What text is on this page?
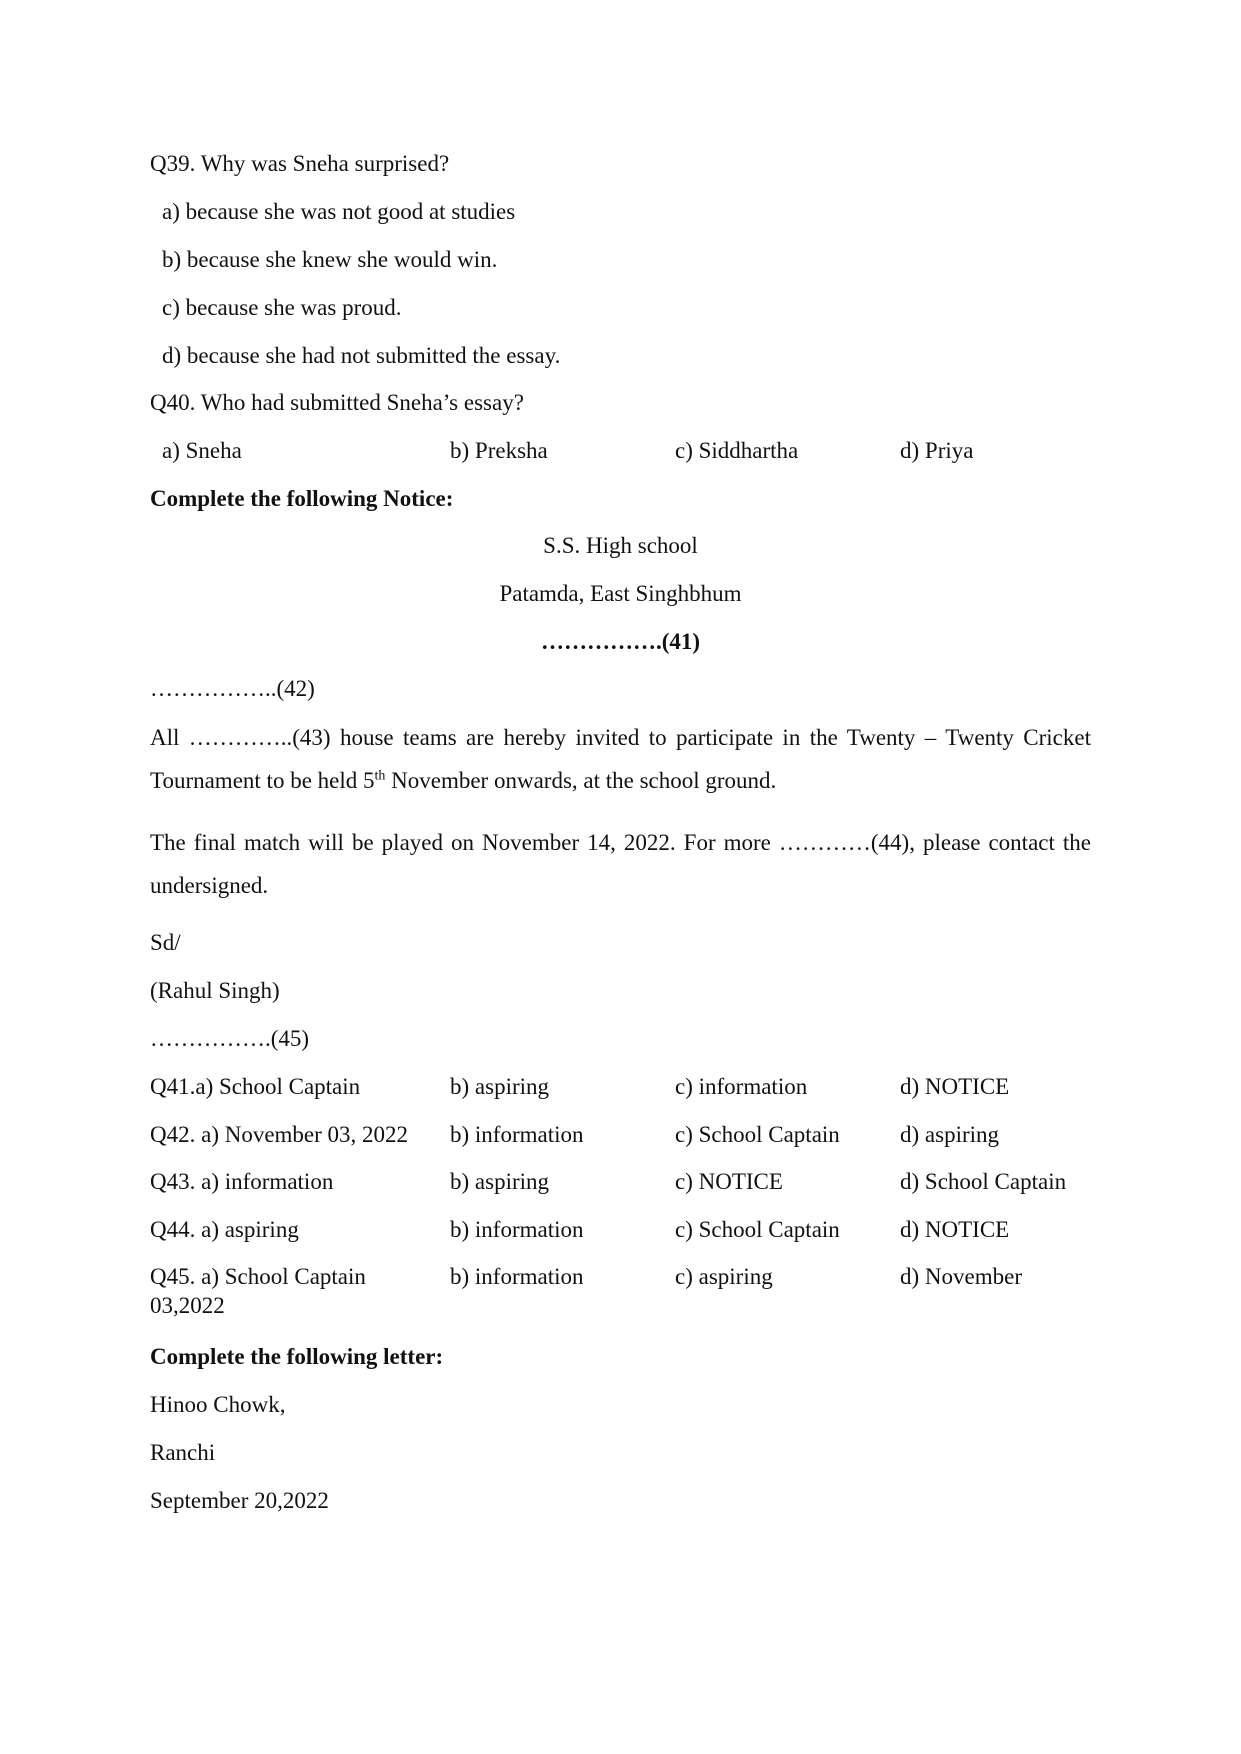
Q39. Why was Sneha surprised?
a) because she was not good at studies
b) because she knew she would win.
c) because she was proud.
d) because she had not submitted the essay.
Q40. Who had submitted Sneha’s essay?
a) Sneha	b) Preksha	c) Siddhartha	d) Priya
Complete the following Notice:
S.S. High school
Patamda, East Singhbhum
…………….(41)
……………..(42)
All …………..(43) house teams are hereby invited to participate in the Twenty – Twenty Cricket Tournament to be held 5th November onwards, at the school ground.
The final match will be played on November 14, 2022. For more …………(44), please contact the undersigned.
Sd/
(Rahul Singh)
…………….(45)
Q41.a) School Captain	b) aspiring	c) information	d) NOTICE
Q42. a) November 03, 2022 b) information	c) School Captain	d) aspiring
Q43. a) information	b) aspiring	c) NOTICE	d) School Captain
Q44. a) aspiring	b) information	c) School Captain	d) NOTICE
Q45. a) School Captain	b) information	c) aspiring	d) November
03,2022
Complete the following letter:
Hinoo Chowk,
Ranchi
September 20,2022
